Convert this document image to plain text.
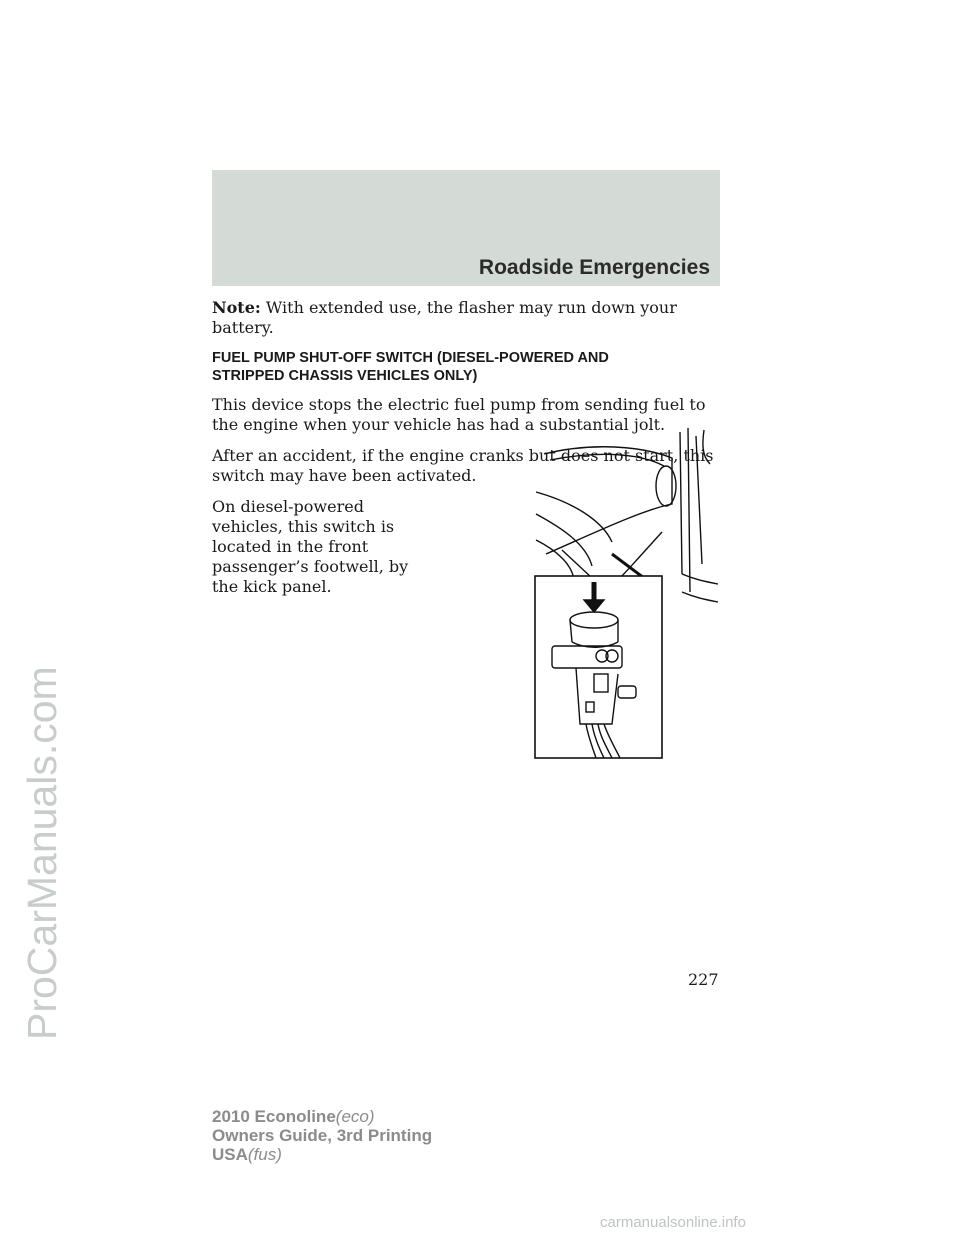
ProCarManuals.com
Roadside Emergencies

Note: With extended use, the flasher may run down your battery.

FUEL PUMP SHUT-OFF SWITCH (DIESEL-POWERED AND
STRIPPED CHASSIS VEHICLES ONLY)

This device stops the electric fuel pump from sending fuel to the engine when your vehicle has had a substantial jolt.

After an accident, if the engine cranks but does not start, this switch may have been activated.

On diesel-powered vehicles, this switch is located in the front passenger’s footwell, by the kick panel.

227
2010 Econoline(eco)
Owners Guide, 3rd Printing
USA(fus)
carmanualsonline.info
